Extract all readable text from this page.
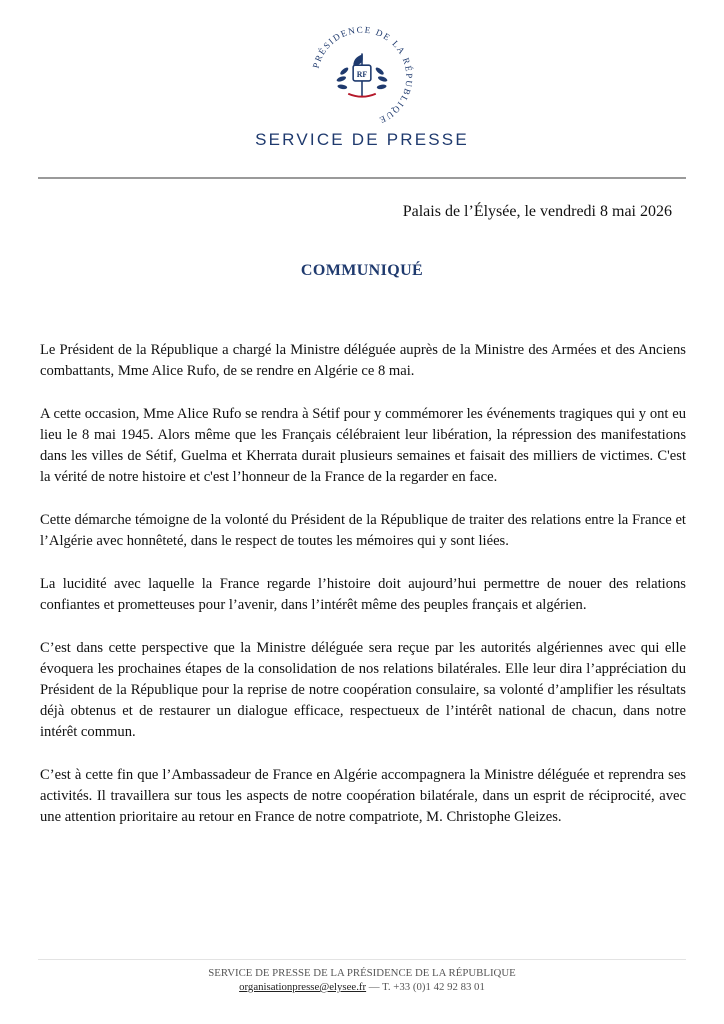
PRÉSIDENCE DE LA RÉPUBLIQUE
RF
SERVICE DE PRESSE
Palais de l’Élysée, le vendredi 8 mai 2026
COMMUNIQUÉ

Le Président de la République a chargé la Ministre déléguée auprès de la Ministre des Armées et des Anciens combattants, Mme Alice Rufo, de se rendre en Algérie ce 8 mai.

A cette occasion, Mme Alice Rufo se rendra à Sétif pour y commémorer les événements tragiques qui y ont eu lieu le 8 mai 1945. Alors même que les Français célébraient leur libération, la répression des manifestations dans les villes de Sétif, Guelma et Kherrata durait plusieurs semaines et faisait des milliers de victimes. C'est la vérité de notre histoire et c'est l’honneur de la France de la regarder en face.

Cette démarche témoigne de la volonté du Président de la République de traiter des relations entre la France et l’Algérie avec honnêteté, dans le respect de toutes les mémoires qui y sont liées.

La lucidité avec laquelle la France regarde l’histoire doit aujourd’hui permettre de nouer des relations confiantes et prometteuses pour l’avenir, dans l’intérêt même des peuples français et algérien.

C’est dans cette perspective que la Ministre déléguée sera reçue par les autorités algériennes avec qui elle évoquera les prochaines étapes de la consolidation de nos relations bilatérales. Elle leur dira l’appréciation du Président de la République pour la reprise de notre coopération consulaire, sa volonté d’amplifier les résultats déjà obtenus et de restaurer un dialogue efficace, respectueux de l’intérêt national de chacun, dans notre intérêt commun.

C’est à cette fin que l’Ambassadeur de France en Algérie accompagnera la Ministre déléguée et reprendra ses activités. Il travaillera sur tous les aspects de notre coopération bilatérale, dans un esprit de réciprocité, avec une attention prioritaire au retour en France de notre compatriote, M. Christophe Gleizes.

SERVICE DE PRESSE DE LA PRÉSIDENCE DE LA RÉPUBLIQUE
organisationpresse@elysee.fr — T. +33 (0)1 42 92 83 01
